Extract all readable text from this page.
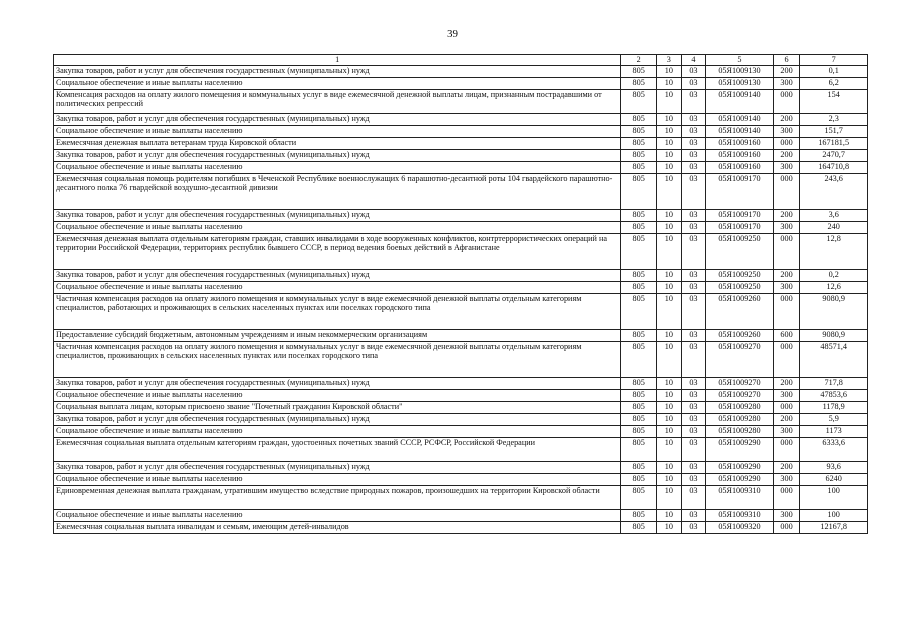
39
1	2	3	4	5	6	7
Закупка товаров, работ и услуг для обеспечения государственных (муниципальных) нужд	805	10	03	05Я1009130	200	0,1
Социальное обеспечение и иные выплаты населению	805	10	03	05Я1009130	300	6,2
Компенсация расходов на оплату жилого помещения и коммунальных услуг в виде ежемесячной денежной выплаты лицам, признанным пострадавшими от политических репрессий	805	10	03	05Я1009140	000	154
Закупка товаров, работ и услуг для обеспечения государственных (муниципальных) нужд	805	10	03	05Я1009140	200	2,3
Социальное обеспечение и иные выплаты населению	805	10	03	05Я1009140	300	151,7
Ежемесячная денежная выплата ветеранам труда Кировской области	805	10	03	05Я1009160	000	167181,5
Закупка товаров, работ и услуг для обеспечения государственных (муниципальных) нужд	805	10	03	05Я1009160	200	2470,7
Социальное обеспечение и иные выплаты населению	805	10	03	05Я1009160	300	164710,8
Ежемесячная социальная помощь родителям погибших в Чеченской Республике военнослужащих 6 парашютно-десантной роты 104 гвардейского парашютно-десантного полка 76 гвардейской воздушно-десантной дивизии	805	10	03	05Я1009170	000	243,6
Закупка товаров, работ и услуг для обеспечения государственных (муниципальных) нужд	805	10	03	05Я1009170	200	3,6
Социальное обеспечение и иные выплаты населению	805	10	03	05Я1009170	300	240
Ежемесячная денежная выплата отдельным категориям граждан, ставших инвалидами в ходе вооруженных конфликтов, контртеррористических операций на территории Российской Федерации, территориях республик бывшего СССР, в период ведения боевых действий в Афганистане	805	10	03	05Я1009250	000	12,8
Закупка товаров, работ и услуг для обеспечения государственных (муниципальных) нужд	805	10	03	05Я1009250	200	0,2
Социальное обеспечение и иные выплаты населению	805	10	03	05Я1009250	300	12,6
Частичная компенсация расходов на оплату жилого помещения и коммунальных услуг в виде ежемесячной денежной выплаты отдельным категориям специалистов, работающих и проживающих в сельских населенных пунктах или поселках городского типа	805	10	03	05Я1009260	000	9080,9
Предоставление субсидий бюджетным, автономным учреждениям и иным некоммерческим организациям	805	10	03	05Я1009260	600	9080,9
Частичная компенсация расходов на оплату жилого помещения и коммунальных услуг в виде ежемесячной денежной выплаты отдельным категориям специалистов, проживающих в сельских населенных пунктах или поселках городского типа	805	10	03	05Я1009270	000	48571,4
Закупка товаров, работ и услуг для обеспечения государственных (муниципальных) нужд	805	10	03	05Я1009270	200	717,8
Социальное обеспечение и иные выплаты населению	805	10	03	05Я1009270	300	47853,6
Социальная выплата лицам, которым присвоено звание "Почетный гражданин Кировской области"	805	10	03	05Я1009280	000	1178,9
Закупка товаров, работ и услуг для обеспечения государственных (муниципальных) нужд	805	10	03	05Я1009280	200	5,9
Социальное обеспечение и иные выплаты населению	805	10	03	05Я1009280	300	1173
Ежемесячная социальная выплата отдельным категориям граждан, удостоенных почетных званий СССР, РСФСР, Российской Федерации	805	10	03	05Я1009290	000	6333,6
Закупка товаров, работ и услуг для обеспечения государственных (муниципальных) нужд	805	10	03	05Я1009290	200	93,6
Социальное обеспечение и иные выплаты населению	805	10	03	05Я1009290	300	6240
Единовременная денежная выплата гражданам, утратившим имущество вследствие природных пожаров, произошедших на территории Кировской области	805	10	03	05Я1009310	000	100
Социальное обеспечение и иные выплаты населению	805	10	03	05Я1009310	300	100
Ежемесячная социальная выплата инвалидам и семьям, имеющим детей-инвалидов	805	10	03	05Я1009320	000	12167,8
